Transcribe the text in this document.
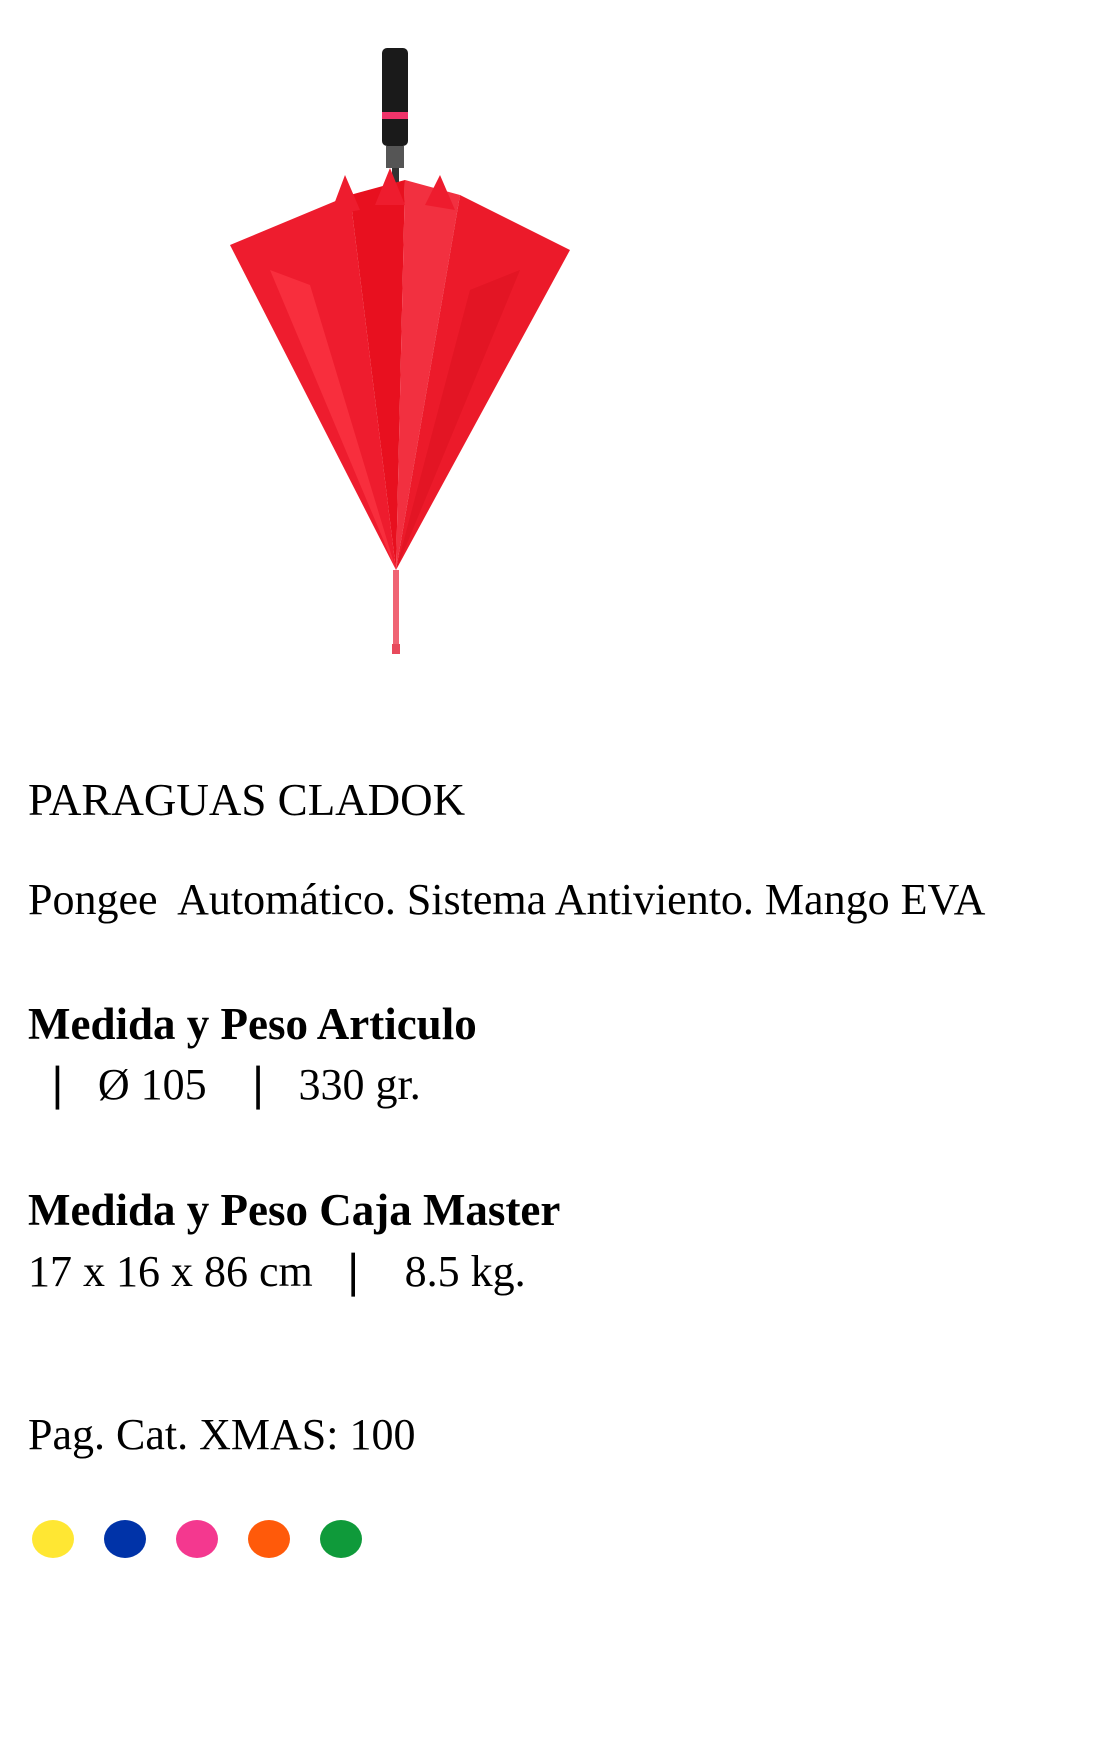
PARAGUAS CLADOK

Pongee  Automático. Sistema Antiviento. Mango EVA

Medida y Peso Articulo

❘  Ø 105   ❘  330 gr.

Medida y Peso Caja Master

17 x 16 x 86 cm  ❘   8.5 kg.

Pag. Cat. XMAS: 100
